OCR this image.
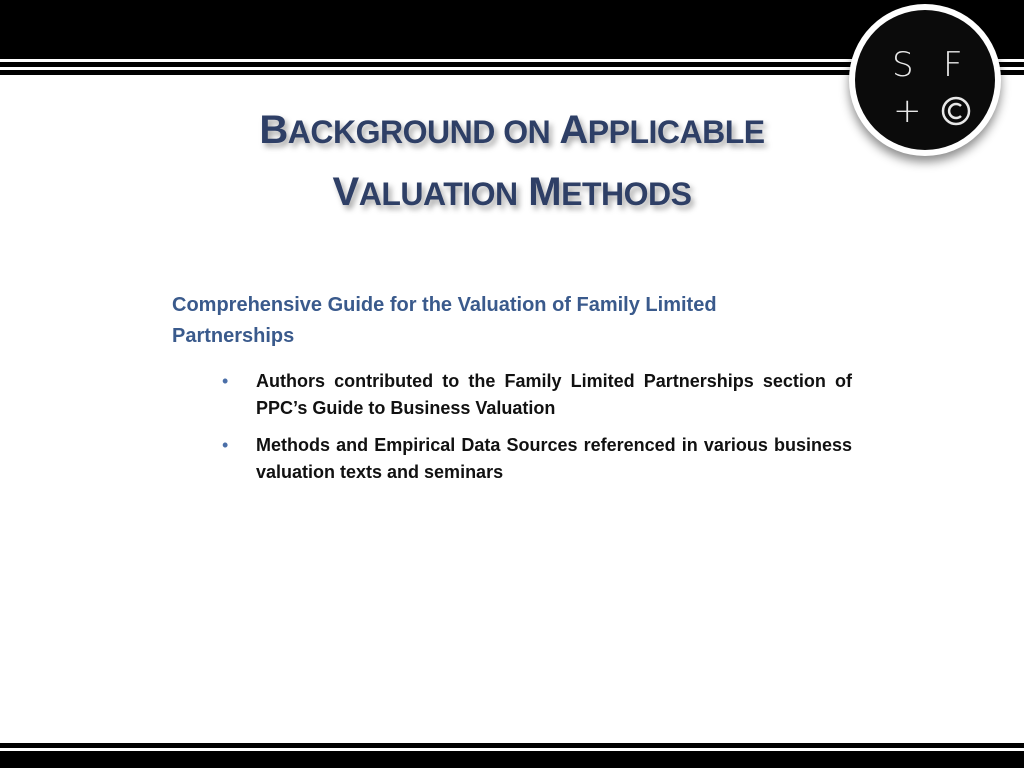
S F
+
BACKGROUND ON APPLICABLE
VALUATION METHODS
Comprehensive Guide for the Valuation of Family Limited Partnerships
• Authors contributed to the Family Limited Partnerships section of PPC’s Guide to Business Valuation
• Methods and Empirical Data Sources referenced in various business valuation texts and seminars
